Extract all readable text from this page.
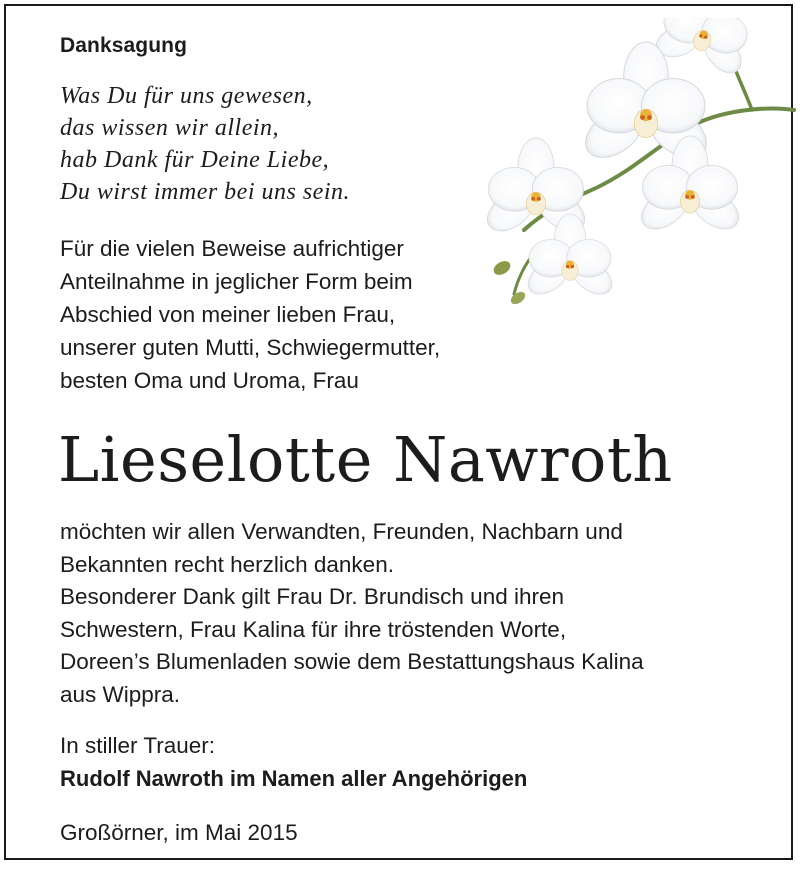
Danksagung
Was Du für uns gewesen,
das wissen wir allein,
hab Dank für Deine Liebe,
Du wirst immer bei uns sein.
Für die vielen Beweise aufrichtiger
Anteilnahme in jeglicher Form beim
Abschied von meiner lieben Frau,
unserer guten Mutti, Schwiegermutter,
besten Oma und Uroma, Frau
Lieselotte Nawroth
möchten wir allen Verwandten, Freunden, Nachbarn und
Bekannten recht herzlich danken.
Besonderer Dank gilt Frau Dr. Brundisch und ihren
Schwestern, Frau Kalina für ihre tröstenden Worte,
Doreen’s Blumenladen sowie dem Bestattungshaus Kalina
aus Wippra.
In stiller Trauer:
Rudolf Nawroth im Namen aller Angehörigen
Großörner, im Mai 2015
